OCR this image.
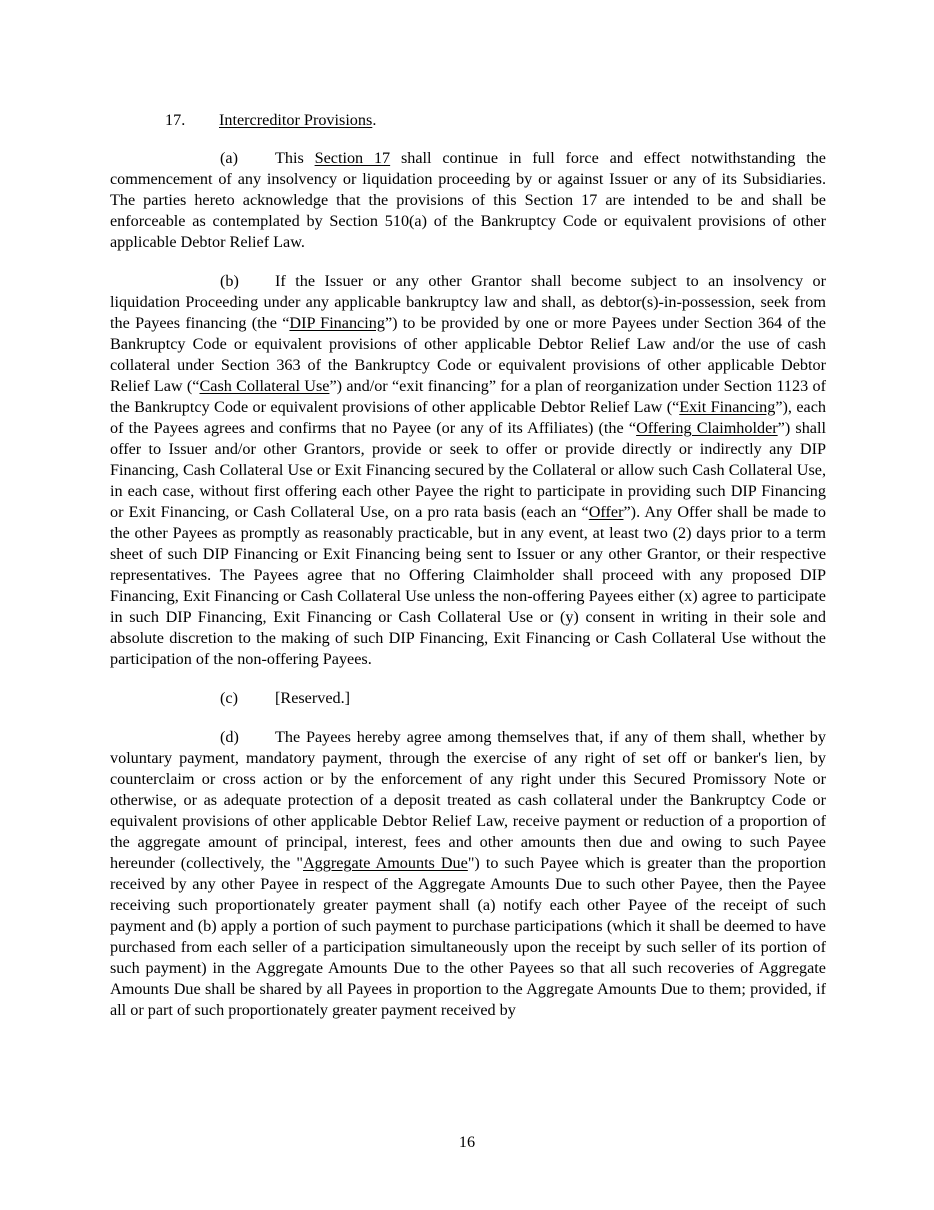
17. Intercreditor Provisions.

(a) This Section 17 shall continue in full force and effect notwithstanding the commencement of any insolvency or liquidation proceeding by or against Issuer or any of its Subsidiaries. The parties hereto acknowledge that the provisions of this Section 17 are intended to be and shall be enforceable as contemplated by Section 510(a) of the Bankruptcy Code or equivalent provisions of other applicable Debtor Relief Law.

(b) If the Issuer or any other Grantor shall become subject to an insolvency or liquidation Proceeding under any applicable bankruptcy law and shall, as debtor(s)-in-possession, seek from the Payees financing (the “DIP Financing”) to be provided by one or more Payees under Section 364 of the Bankruptcy Code or equivalent provisions of other applicable Debtor Relief Law and/or the use of cash collateral under Section 363 of the Bankruptcy Code or equivalent provisions of other applicable Debtor Relief Law (“Cash Collateral Use”) and/or “exit financing” for a plan of reorganization under Section 1123 of the Bankruptcy Code or equivalent provisions of other applicable Debtor Relief Law (“Exit Financing”), each of the Payees agrees and confirms that no Payee (or any of its Affiliates) (the “Offering Claimholder”) shall offer to Issuer and/or other Grantors, provide or seek to offer or provide directly or indirectly any DIP Financing, Cash Collateral Use or Exit Financing secured by the Collateral or allow such Cash Collateral Use, in each case, without first offering each other Payee the right to participate in providing such DIP Financing or Exit Financing, or Cash Collateral Use, on a pro rata basis (each an “Offer”). Any Offer shall be made to the other Payees as promptly as reasonably practicable, but in any event, at least two (2) days prior to a term sheet of such DIP Financing or Exit Financing being sent to Issuer or any other Grantor, or their respective representatives. The Payees agree that no Offering Claimholder shall proceed with any proposed DIP Financing, Exit Financing or Cash Collateral Use unless the non-offering Payees either (x) agree to participate in such DIP Financing, Exit Financing or Cash Collateral Use or (y) consent in writing in their sole and absolute discretion to the making of such DIP Financing, Exit Financing or Cash Collateral Use without the participation of the non-offering Payees.

(c) [Reserved.]

(d) The Payees hereby agree among themselves that, if any of them shall, whether by voluntary payment, mandatory payment, through the exercise of any right of set off or banker's lien, by counterclaim or cross action or by the enforcement of any right under this Secured Promissory Note or otherwise, or as adequate protection of a deposit treated as cash collateral under the Bankruptcy Code or equivalent provisions of other applicable Debtor Relief Law, receive payment or reduction of a proportion of the aggregate amount of principal, interest, fees and other amounts then due and owing to such Payee hereunder (collectively, the "Aggregate Amounts Due") to such Payee which is greater than the proportion received by any other Payee in respect of the Aggregate Amounts Due to such other Payee, then the Payee receiving such proportionately greater payment shall (a) notify each other Payee of the receipt of such payment and (b) apply a portion of such payment to purchase participations (which it shall be deemed to have purchased from each seller of a participation simultaneously upon the receipt by such seller of its portion of such payment) in the Aggregate Amounts Due to the other Payees so that all such recoveries of Aggregate Amounts Due shall be shared by all Payees in proportion to the Aggregate Amounts Due to them; provided, if all or part of such proportionately greater payment received by

16
